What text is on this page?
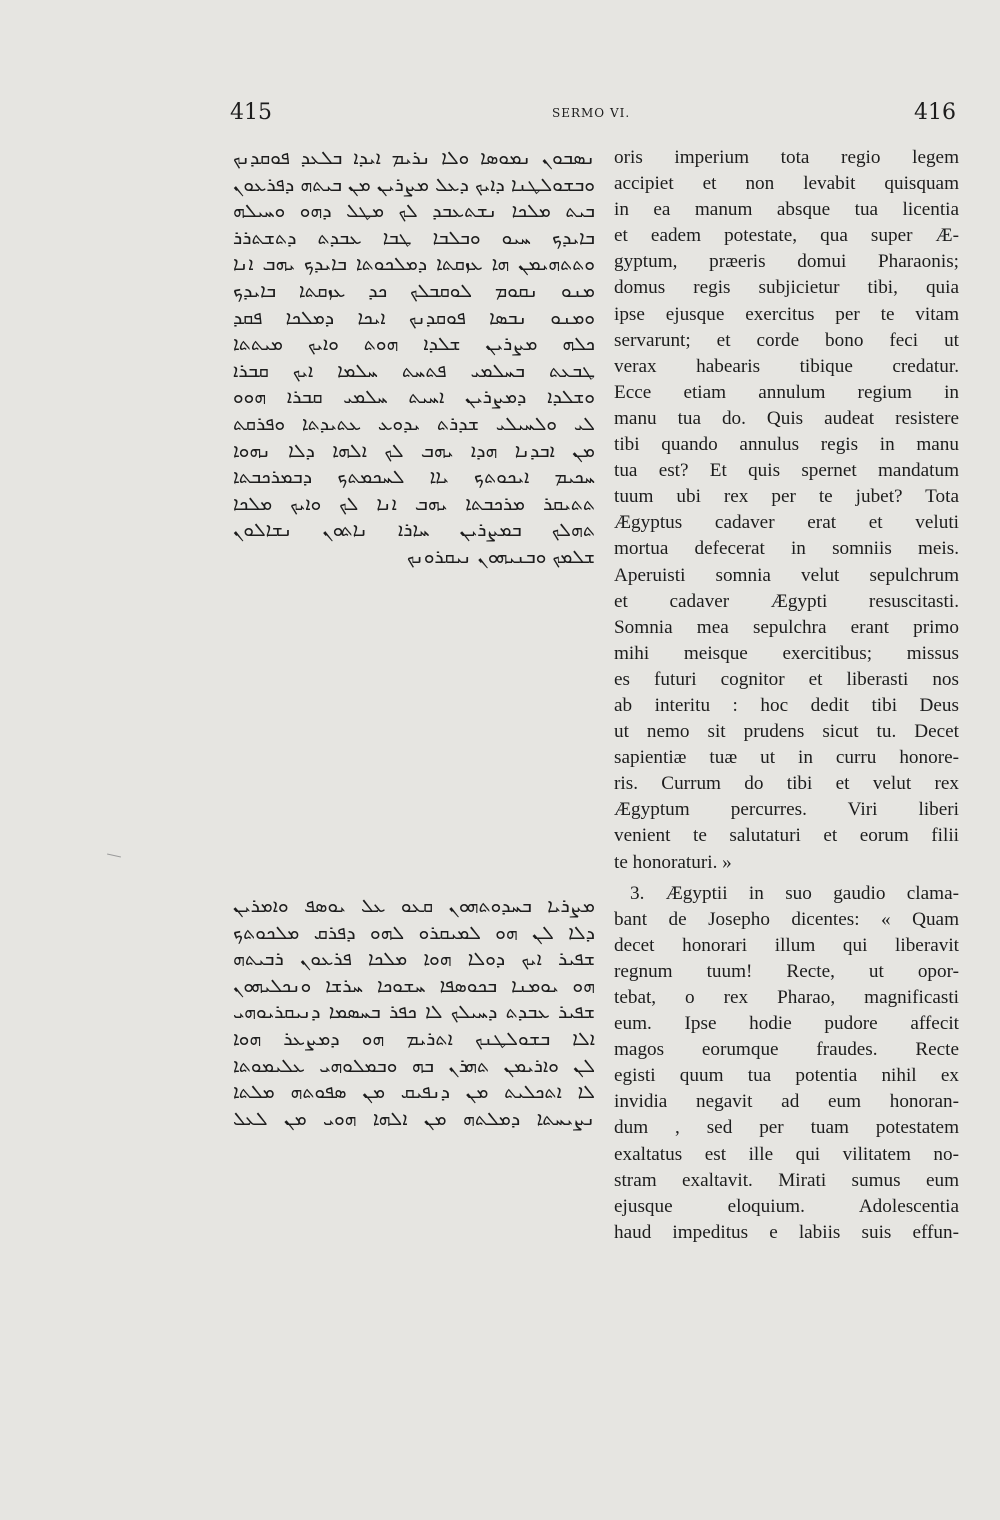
415	SERMO VI.	416
ܢܣܒܘܢ ܢܡܘܣܐ ܘܠܐ ܢܪܝܡ ܐܝܕܐ ܒܠܥܕ ܦܘܩܕܢܟ
ܘܒܫܘܠܛܢܐ ܕܐܝܟ ܕܥܠ ܡܨܪܝܢ ܡܢ ܒܝܬܗ ܕܦܪܥܘܢ
ܒܝܬ ܡܠܟܐ ܢܫܬܥܒܕ ܠܟ ܡܛܠ ܕܗܘ ܘܚܝܠܗ
ܒܐܝܕܟ ܚܝܘ ܘܒܠܒܐ ܛܒܐ ܥܒܕܬ ܕܬܫܬܪܪ
ܘܬܬܗܝܡܢ ܗܐ ܥܙܩܬܐ ܕܡܠܟܘܬܐ ܒܐܝܕܟ ܝܗܒ ܐܢܐ
ܡܢܘ ܢܩܘܡ ܠܘܩܒܠܟ ܟܕ ܥܙܩܬܐ ܒܐܝܕܟ
ܘܡܢܘ ܢܒܣܐ ܦܘܩܕܢܟ ܐܝܟܐ ܕܡܠܟܐ ܦܩܕ
ܟܠܗ ܡܨܪܝܢ ܫܠܕܐ ܗܘܬ ܘܐܝܟ ܡܝܬܬܐ
ܛܒܥܬ ܒܚܠܡܝ ܦܬܚܬ ܚܠܡܐ ܐܝܟ ܩܒܪܐ
ܘܫܠܕܐ ܕܡܨܪܝܢ ܐܚܝܬ ܚܠܡܝ ܩܒܪܐ ܗܘܘ
ܠܝ ܘܠܚܝܠܝ ܫܕܪܬ ܝܕܘܥ ܥܬܝܕܬܐ ܘܦܪܩܬ
ܡܢ ܐܒܕܢܐ ܗܕܐ ܝܗܒ ܠܟ ܐܠܗܐ ܕܠܐ ܢܗܘܐ
ܚܟܝܡ ܐܝܟܘܬܟ ܝܐܐ ܠܚܟܡܬܟ ܕܒܡܪܟܒܬܐ
ܬܬܝܩܪ ܡܪܟܒܬܐ ܝܗܒ ܐܢܐ ܠܟ ܘܐܝܟ ܡܠܟܐ
ܬܗܠܟ ܒܡܨܪܝܢ ܚܐܪܐ ܢܐܬܘܢ ܢܫܐܠܘܢ
ܫܠܡܟ ܘܒܢܝܗܘܢ ܢܝܩܪܘܢܟ
ܡܨܪܝܐ ܒܚܕܘܬܗܘܢ ܩܥܘ ܥܠ ܝܘܣܦ ܘܐܡܪܝܢ
ܕܠܐ ܠܢ ܗܘ ܠܡܝܩܪܘ ܠܗܘ ܕܦܪܩ ܡܠܟܘܬܟ
ܫܦܝܪ ܐܝܟ ܕܘܠܐ ܗܘܐ ܡܠܟܐ ܦܪܥܘܢ ܪܒܝܬܗ
ܗܘ ܝܘܡܢܐ ܒܟܘܣܦܐ ܚܫܘܟܐ ܚܪܫܐ ܘܢܟܠܝܗܘܢ
ܫܦܝܪ ܥܒܕܬ ܕܚܝܠܟ ܠܐ ܟܦܪ ܒܚܣܡܐ ܕܢܝܩܪܝܘܗܝ
ܐܠܐ ܒܫܘܠܛܢܟ ܐܬܪܝܡ ܗܘ ܕܡܨܥܪ ܗܘܐ
ܠܢ ܘܐܪܝܡܢ ܬܗܪܢ ܒܗ ܘܒܡܠܘܗܝ ܥܠܝܡܘܬܐ
ܠܐ ܐܬܟܠܝܬ ܡܢ ܕܢܦܝܩ ܡܢ ܣܦܘܬܗ ܡܠܬܐ
ܢܨܝܚܬܐ ܕܡܠܬܗ ܡܢ ܐܠܗܐ ܗܘܝ ܡܢ ܠܥܠ
oris imperium tota regio legem
accipiet et non levabit quisquam
in ea manum absque tua licentia
et eadem potestate, qua super Æ-
gyptum, præeris domui Pharaonis;
domus regis subjicietur tibi, quia
ipse ejusque exercitus per te vitam
servarunt; et corde bono feci ut
verax habearis tibique credatur.
Ecce etiam annulum regium in
manu tua do. Quis audeat resistere
tibi quando annulus regis in manu
tua est? Et quis spernet mandatum
tuum ubi rex per te jubet? Tota
Ægyptus cadaver erat et veluti
mortua defecerat in somniis meis.
Aperuisti somnia velut sepulchrum
et cadaver Ægypti resuscitasti.
Somnia mea sepulchra erant primo
mihi meisque exercitibus; missus
es futuri cognitor et liberasti nos
ab interitu : hoc dedit tibi Deus
ut nemo sit prudens sicut tu. Decet
sapientiæ tuæ ut in curru honore-
ris. Currum do tibi et velut rex
Ægyptum percurres. Viri liberi
venient te salutaturi et eorum filii
te honoraturi. »
3. Ægyptii in suo gaudio clama-
bant de Josepho dicentes: « Quam
decet honorari illum qui liberavit
regnum tuum! Recte, ut opor-
tebat, o rex Pharao, magnificasti
eum. Ipse hodie pudore affecit
magos eorumque fraudes. Recte
egisti quum tua potentia nihil ex
invidia negavit ad eum honoran-
dum , sed per tuam potestatem
exaltatus est ille qui vilitatem no-
stram exaltavit. Mirati sumus eum
ejusque eloquium. Adolescentia
haud impeditus e labiis suis effun-
